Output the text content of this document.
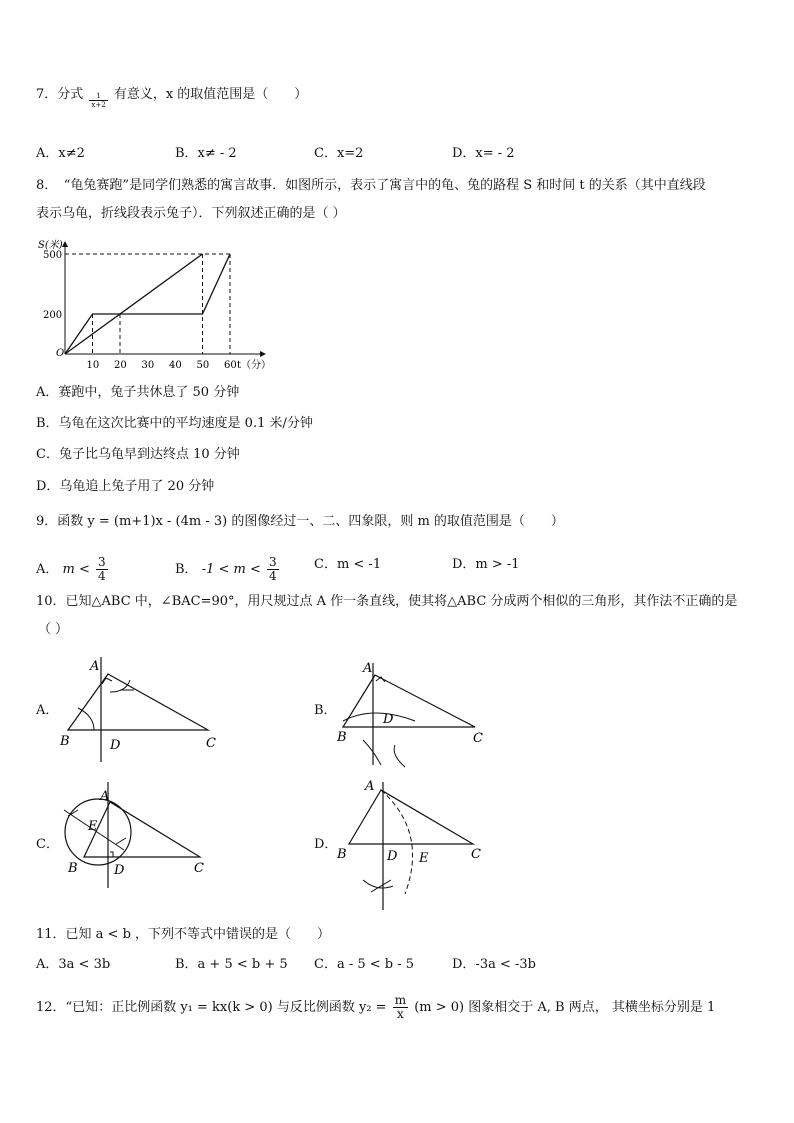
7．分式 $\frac{1}{x+2}$ 有意义，x 的取值范围是（　　）
A．x≠2	B．x≠ - 2	C．x=2	D．x= - 2
8．　“龟兔赛跑”是同学们熟悉的寓言故事．如图所示，表示了寓言中的龟、兔的路程 S 和时间 t 的关系（其中直线段
表示乌龟，折线段表示兔子）．下列叙述正确的是（ ）
S(米)
O
t（分）
500
200
10 20 30 40 50 60
A．赛跑中，兔子共休息了 50 分钟
B．乌龟在这次比赛中的平均速度是 0.1 米/分钟
C．兔子比乌龟早到达终点 10 分钟
D．乌龟追上兔子用了 20 分钟
9．函数 y = (m+1)x - (4m - 3) 的图像经过一、二、四象限，则 m 的取值范围是（　　）
A． $m < \frac{3}{4}$	B． $-1 < m < \frac{3}{4}$	C．m < -1	D．m > -1
10．已知△ABC 中，∠BAC=90°，用尺规过点 A 作一条直线，使其将△ABC 分成两个相似的三角形，其作法不正确的是
（ ）
A．
A
B	D	C
B．
A
B
D
C
C．
A
E
B	D	C
D．
A
B	D E	C
11．已知 a < b ，下列不等式中错误的是（　　）
A．3a < 3b	B．a + 5 < b + 5 C．a - 5 < b - 5	D．-3a < -3b
12．“已知：正比例函数 y₁ = kx(k > 0) 与反比例函数 $y_2 = \frac{m}{x} (m > 0)$ 图象相交于 A, B 两点， 其横坐标分别是 1
